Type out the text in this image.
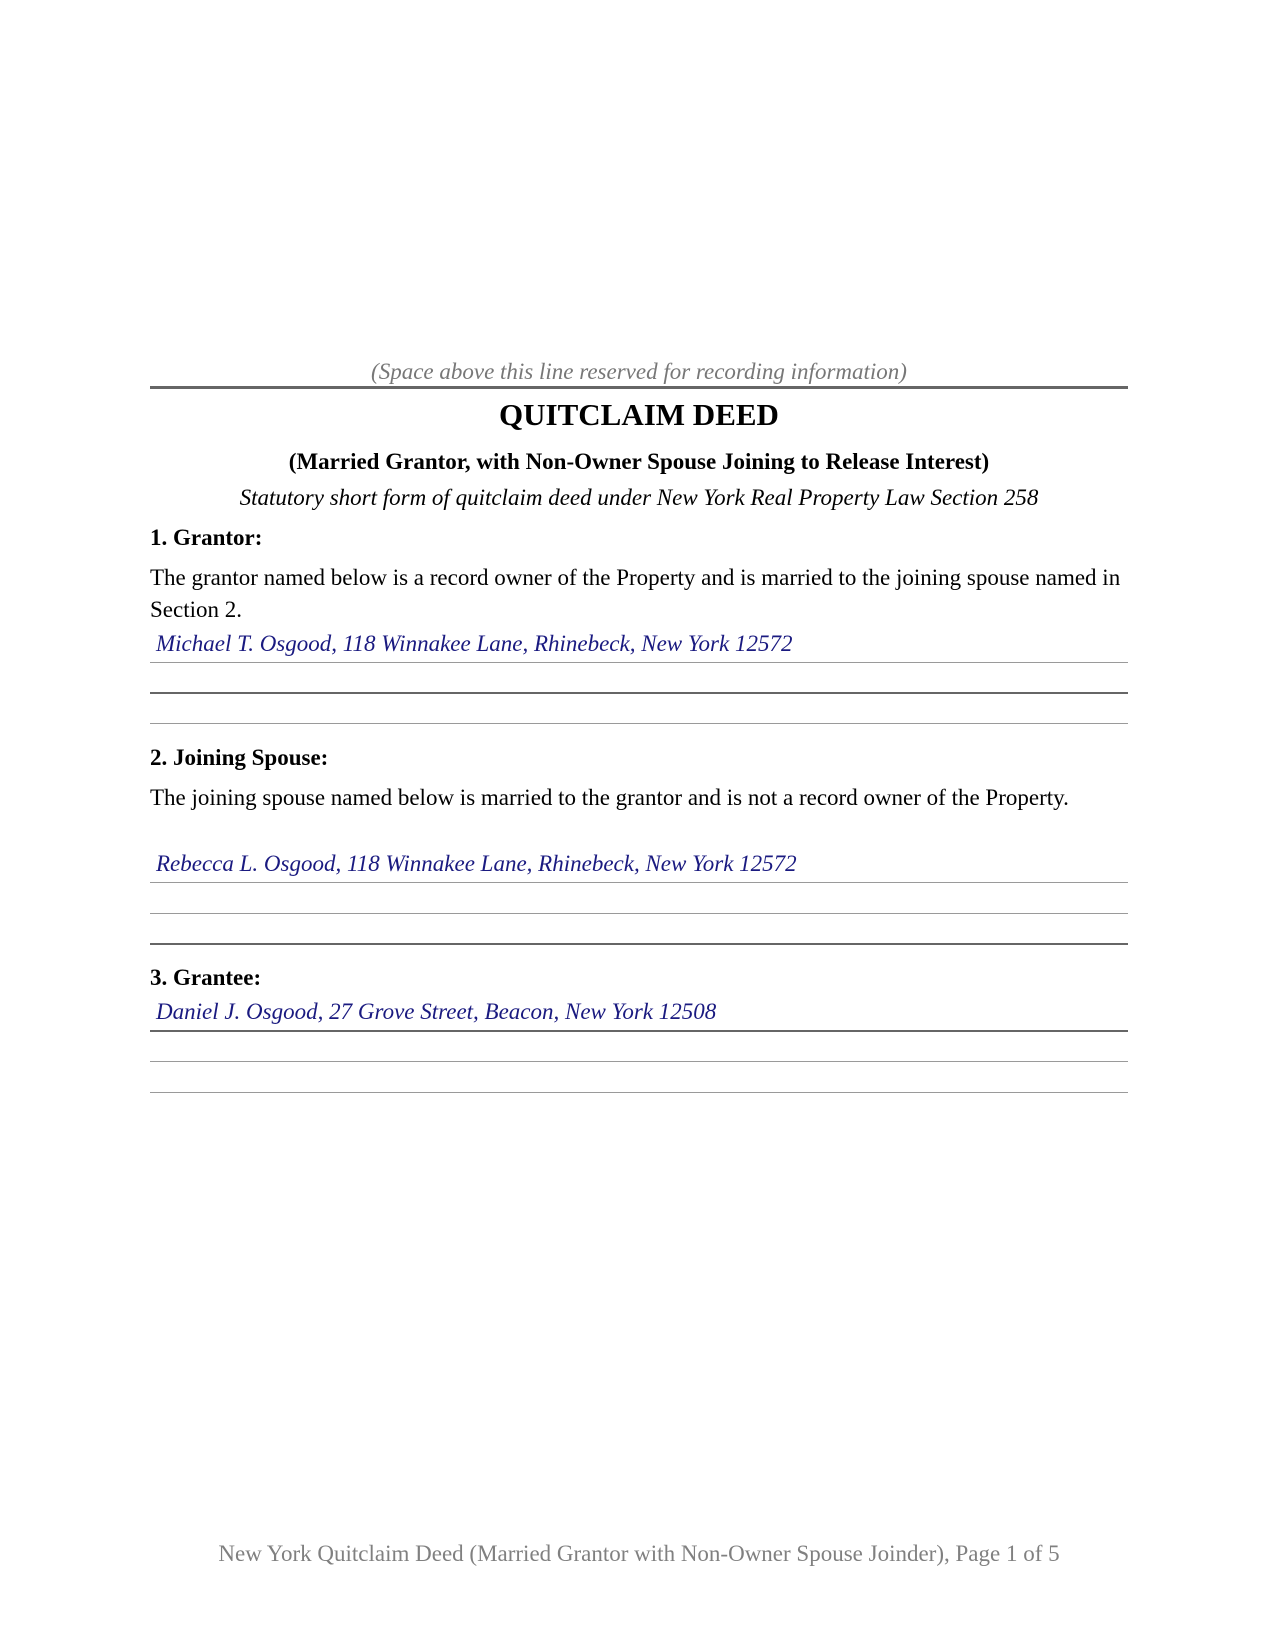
(Space above this line reserved for recording information)
QUITCLAIM DEED
(Married Grantor, with Non-Owner Spouse Joining to Release Interest)
Statutory short form of quitclaim deed under New York Real Property Law Section 258
1. Grantor:
The grantor named below is a record owner of the Property and is married to the joining spouse named in Section 2.
Michael T. Osgood, 118 Winnakee Lane, Rhinebeck, New York 12572
2. Joining Spouse:
The joining spouse named below is married to the grantor and is not a record owner of the Property.
Rebecca L. Osgood, 118 Winnakee Lane, Rhinebeck, New York 12572
3. Grantee:
Daniel J. Osgood, 27 Grove Street, Beacon, New York 12508
New York Quitclaim Deed (Married Grantor with Non-Owner Spouse Joinder), Page 1 of 5
